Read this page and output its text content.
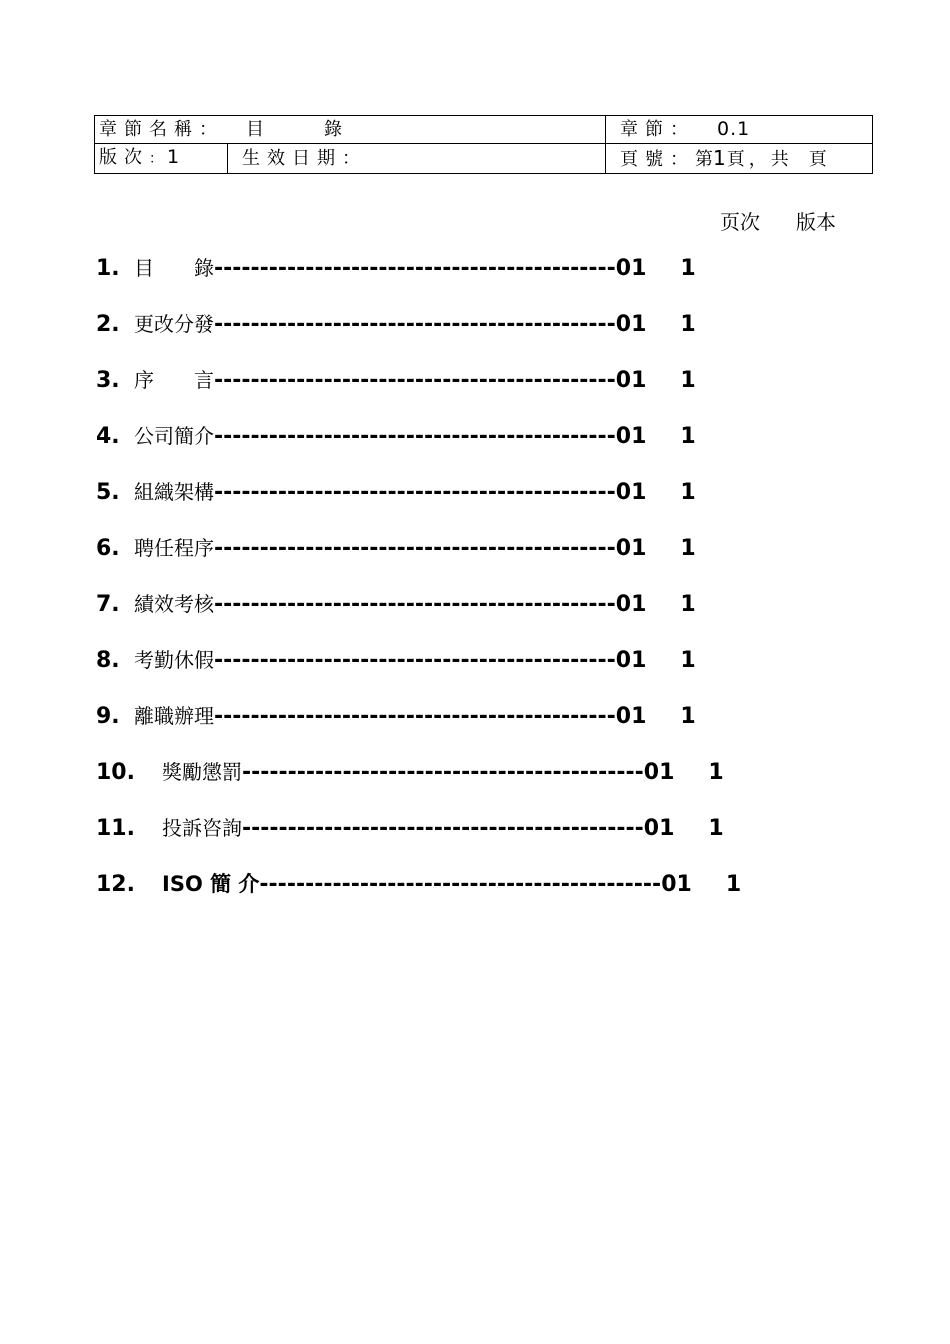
章節名稱： 目　　錄		章節： 0.1
版次： 1	生效日期：	頁號：第1頁，共 頁
页次 版本
1. 目　　錄--------------------------------------------01 1
2. 更改分發--------------------------------------------01 1
3. 序　　言--------------------------------------------01 1
4. 公司簡介--------------------------------------------01 1
5. 組織架構--------------------------------------------01 1
6. 聘任程序--------------------------------------------01 1
7. 績效考核--------------------------------------------01 1
8. 考勤休假--------------------------------------------01 1
9. 離職辦理--------------------------------------------01 1
10. 獎勵懲罰--------------------------------------------01 1
11. 投訴咨詢--------------------------------------------01 1
12. ISO 簡 介--------------------------------------------01 1
